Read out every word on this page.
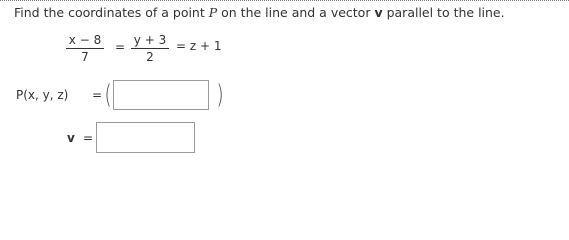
Find the coordinates of a point P on the line and a vector v parallel to the line.
x − 8
7
= y + 3
2
= z + 1
P(x, y, z) = (	)
v =
